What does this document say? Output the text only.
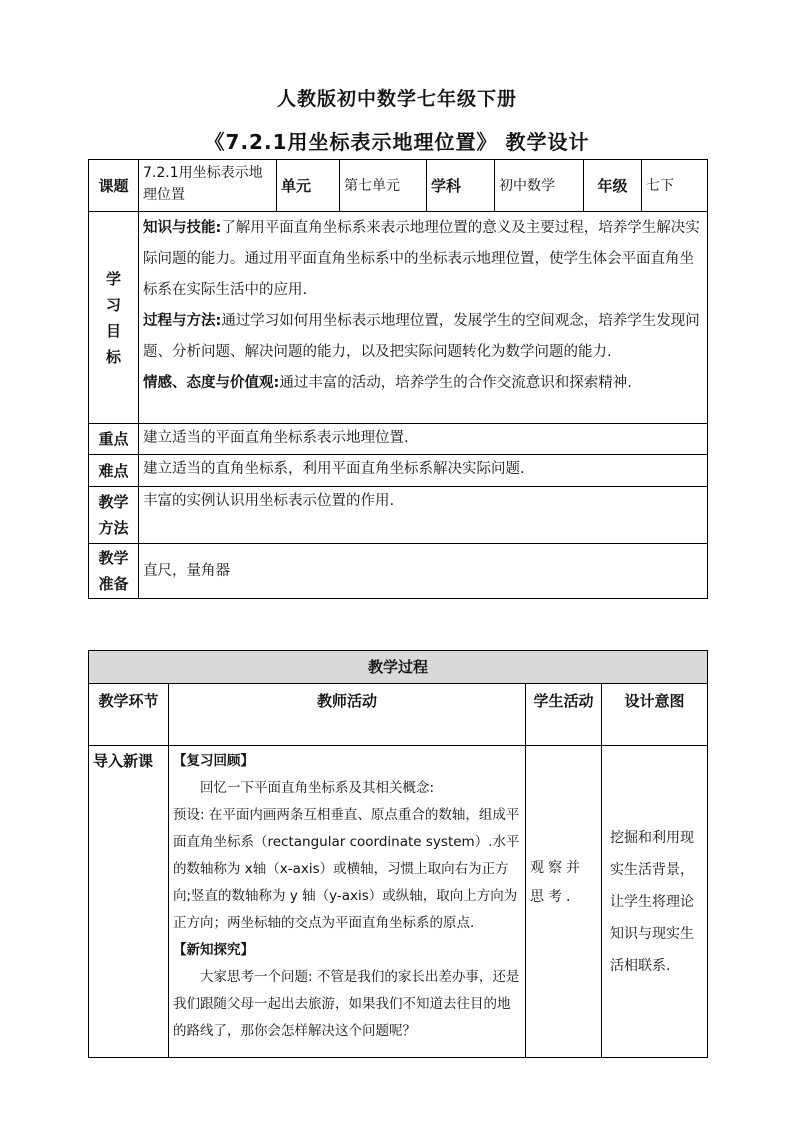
人教版初中数学七年级下册
《7.2.1用坐标表示地理位置》 教学设计
课题	7.2.1用坐标表示地理位置	单元	第七单元	学科	初中数学	年级	七下
学习目标	知识与技能:了解用平面直角坐标系来表示地理位置的意义及主要过程，培养学生解决实际问题的能力。通过用平面直角坐标系中的坐标表示地理位置，使学生体会平面直角坐标系在实际生活中的应用.

过程与方法:通过学习如何用坐标表示地理位置，发展学生的空间观念，培养学生发现问题、分析问题、解决问题的能力，以及把实际问题转化为数学问题的能力.

情感、态度与价值观:通过丰富的活动，培养学生的合作交流意识和探索精神.						

重点	建立适当的平面直角坐标系表示地理位置.						
难点	建立适当的直角坐标系，利用平面直角坐标系解决实际问题.						
教学方法	丰富的实例认识用坐标表示位置的作用.						
教学准备	直尺，量角器						
教学过程			
教学环节	教师活动	学生活动	设计意图
导入新课	【复习回顾】

回忆一下平面直角坐标系及其相关概念:

预设: 在平面内画两条互相垂直、原点重合的数轴，组成平面直角坐标系（rectangular coordinate system）.水平的数轴称为 x轴（x-axis）或横轴，习惯上取向右为正方向;竖直的数轴称为 y 轴（y-axis）或纵轴，取向上方向为正方向；两坐标轴的交点为平面直角坐标系的原点.

【新知探究】

大家思考一个问题: 不管是我们的家长出差办事，还是我们跟随父母一起出去旅游，如果我们不知道去往目的地的路线了，那你会怎样解决这个问题呢？	观察并思考.	挖掘和利用现实生活背景，让学生将理论知识与现实生活相联系.
